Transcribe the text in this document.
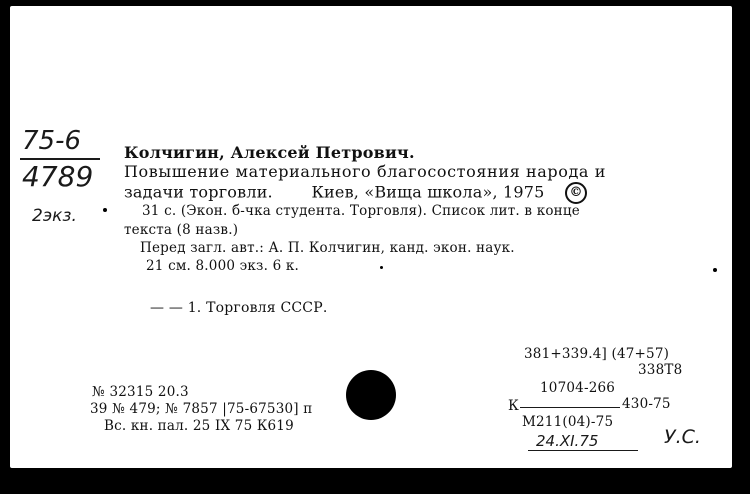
75-6
4789
2экз.
Колчигин, Алексей Петрович.
Повышение материального благосостояния народа и
задачи торговли. Киев, «Вища школа», 1975 ©
31 с. (Экон. б-чка студента. Торговля). Список лит. в конце
текста (8 назв.)
Перед загл. авт.: А. П. Колчигин, канд. экон. наук.
21 см. 8.000 экз. 6 к.
— — 1. Торговля СССР.
381+339.4] (47+57)
338Т8
10704-266
К	430-75
М211(04)-75
№ 32315 20.3
39 № 479; № 7857 |75-67530] п
Вс. кн. пал. 25 IX 75 К619
24.XI.75	У.С.
